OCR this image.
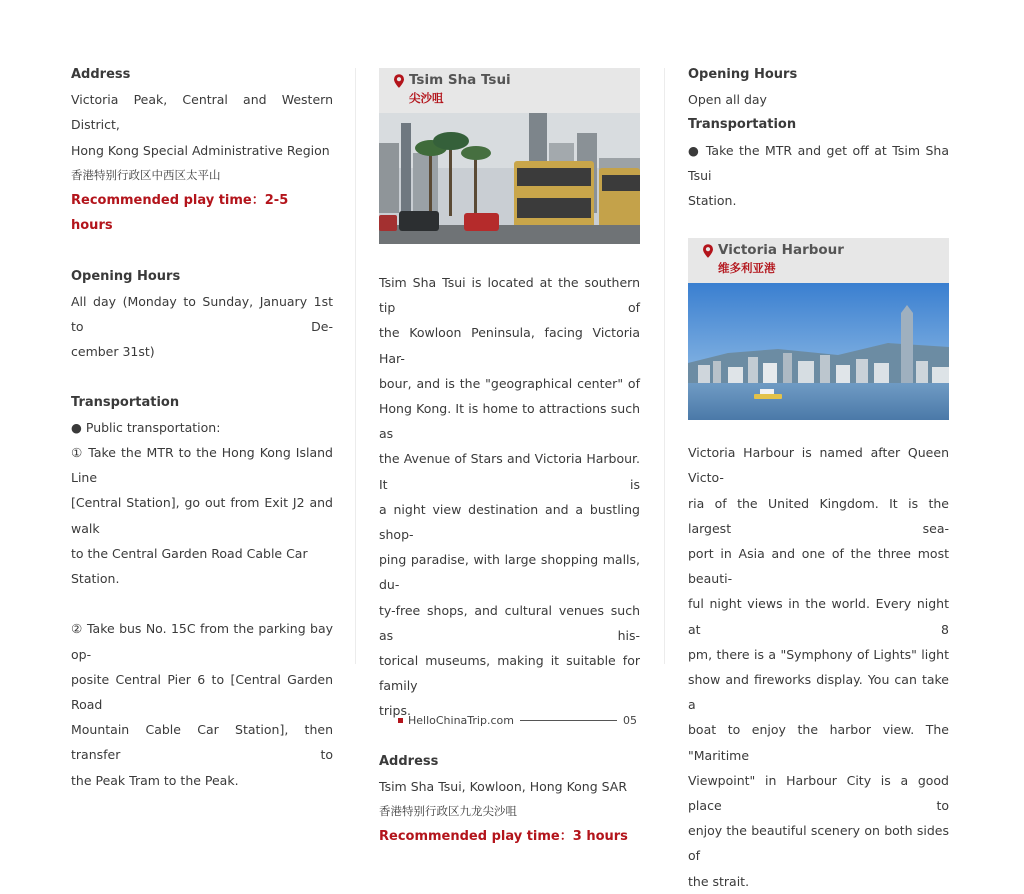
Address

Victoria Peak, Central and Western District,

Hong Kong Special Administrative Region

香港特别行政区中西区太平山

Recommended play time：2-5 hours

Opening Hours

All day (Monday to Sunday, January 1st to De-

cember 31st)

Transportation

● Public transportation:

① Take the MTR to the Hong Kong Island Line

[Central Station], go out from Exit J2 and walk

to the Central Garden Road Cable Car Station.

② Take bus No. 15C from the parking bay op-

posite Central Pier 6 to [Central Garden Road

Mountain Cable Car Station], then transfer to

the Peak Tram to the Peak.

Tsim Sha Tsui
尖沙咀

Tsim Sha Tsui is located at the southern tip of

the Kowloon Peninsula, facing Victoria Har-

bour, and is the "geographical center" of

Hong Kong. It is home to attractions such as

the Avenue of Stars and Victoria Harbour. It is

a night view destination and a bustling shop-

ping paradise, with large shopping malls, du-

ty-free shops, and cultural venues such as his-

torical museums, making it suitable for family

trips.

Address

Tsim Sha Tsui, Kowloon, Hong Kong SAR

香港特别行政区九龙尖沙咀

Recommended play time：3 hours

Opening Hours

Open all day

Transportation

● Take the MTR and get off at Tsim Sha Tsui

Station.

Victoria Harbour
维多利亚港

Victoria Harbour is named after Queen Victo-

ria of the United Kingdom. It is the largest sea-

port in Asia and one of the three most beauti-

ful night views in the world. Every night at 8

pm, there is a "Symphony of Lights" light

show and fireworks display. You can take a

boat to enjoy the harbor view. The "Maritime

Viewpoint" in Harbour City is a good place to

enjoy the beautiful scenery on both sides of

the strait.

HelloChinaTrip.com	05
